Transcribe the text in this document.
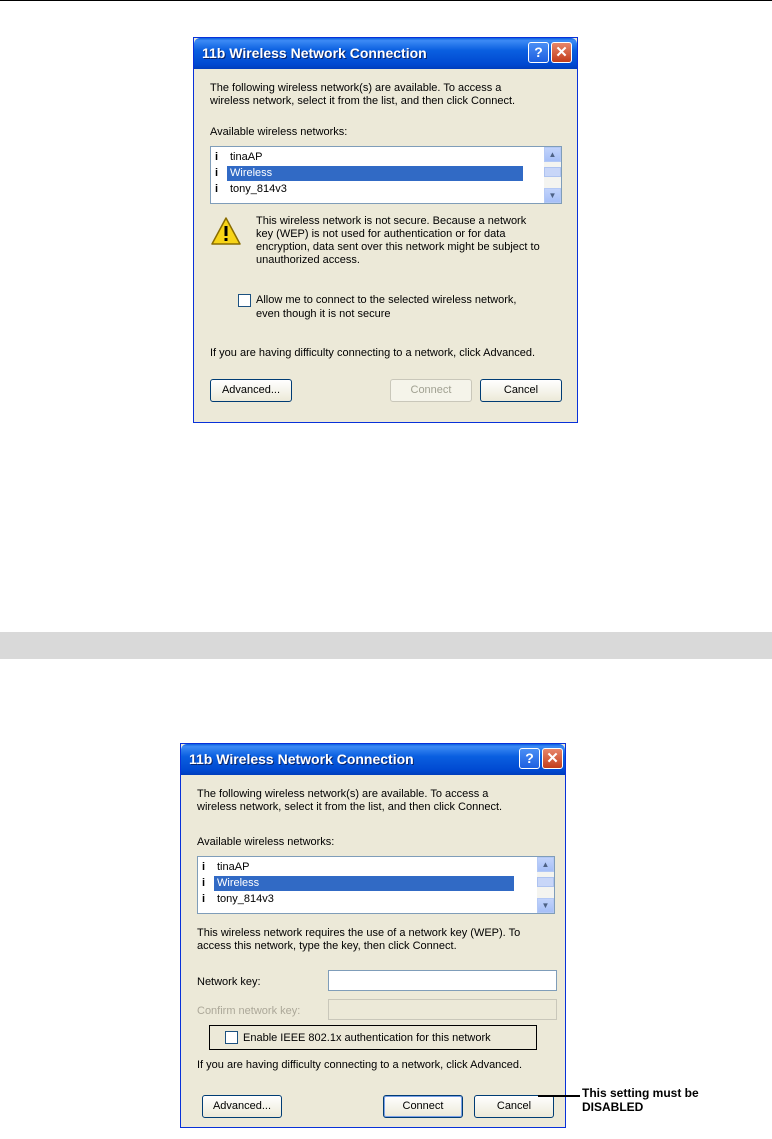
11b Wireless Network Connection	? ✕
The following wireless network(s) are available. To access a
wireless network, select it from the list, and then click Connect.
Available wireless networks:
i tinaAP
i Wireless
i tony_814v3
▲
▼
This wireless network is not secure. Because a network
key (WEP) is not used for authentication or for data
encryption, data sent over this network might be subject to
unauthorized access.
Allow me to connect to the selected wireless network,
even though it is not secure
If you are having difficulty connecting to a network, click Advanced.
Advanced...	Connect	Cancel
11b Wireless Network Connection	? ✕
The following wireless network(s) are available. To access a
wireless network, select it from the list, and then click Connect.
Available wireless networks:
i tinaAP
i Wireless
i tony_814v3
▲
▼
This wireless network requires the use of a network key (WEP). To
access this network, type the key, then click Connect.
Network key:
Confirm network key:
Enable IEEE 802.1x authentication for this network
If you are having difficulty connecting to a network, click Advanced.
Advanced...	Connect	Cancel
This setting must be
DISABLED
